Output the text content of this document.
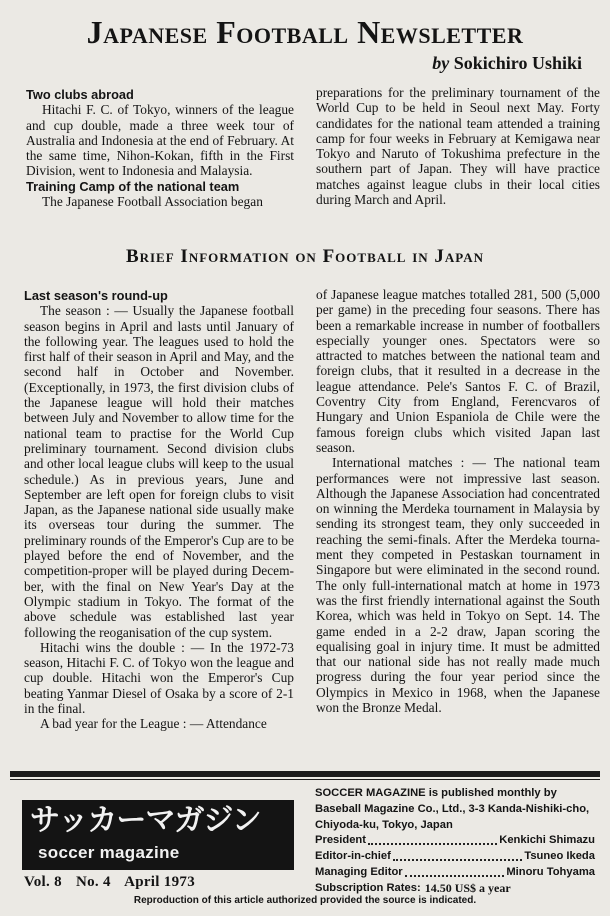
Japanese Football Newsletter
by Sokichiro Ushiki
Two clubs abroad

Hitachi F. C. of Tokyo, winners of the league and cup double, made a three week tour of Australia and Indonesia at the end of February. At the same time, Nihon-Kokan, fifth in the First Division, went to Indonesia and Malaysia.

Training Camp of the national team

The Japanese Football Association began

preparations for the preliminary tournament of the World Cup to be held in Seoul next May. Forty candidates for the national team attended a training camp for four weeks in February at Kemigawa near Tokyo and Naruto of Tokushima prefecture in the southern part of Japan. They will have practice matches against league clubs in their local cities during March and April.

Brief Information on Football in Japan
Last season's round-up

The season : — Usually the Japanese football season begins in April and lasts until January of the following year. The leagues used to hold the first half of their season in April and May, and the second half in October and November. (Exceptionally, in 1973, the first division clubs of the Japanese league will hold their matches between July and November to allow time for the national team to practise for the World Cup preliminary tournament. Second division clubs and other local league clubs will keep to the usual schedule.) As in previous years, June and September are left open for foreign clubs to visit Japan, as the Japanese national side usually make its overseas tour during the summer. The preliminary rounds of the Emperor's Cup are to be played before the end of November, and the competition-proper will be played during December, with the final on New Year's Day at the Olympic stadium in Tokyo. The format of the above schedule was established last year following the reoganisation of the cup system.

Hitachi wins the double : — In the 1972-73 season, Hitachi F. C. of Tokyo won the league and cup double. Hitachi won the Emperor's Cup beating Yanmar Diesel of Osaka by a score of 2-1 in the final.

A bad year for the League : — Attendance

of Japanese league matches totalled 281, 500 (5,000 per game) in the preceding four seasons. There has been a remarkable increase in number of footballers especially younger ones. Spectators were so attracted to matches between the national team and foreign clubs, that it resulted in a decrease in the league attendance. Pele's Santos F. C. of Brazil, Coventry City from England, Ferencvaros of Hungary and Union Espaniola de Chile were the famous foreign clubs which visited Japan last season.

International matches : — The national team performances were not impressive last season. Although the Japanese Association had concentrated on winning the Merdeka tournament in Malaysia by sending its strongest team, they only succeeded in reaching the semi-finals. After the Merdeka tournament they competed in Pestaskan tournament in Singapore but were eliminated in the second round. The only full-international match at home in 1973 was the first friendly international against the South Korea, which was held in Tokyo on Sept. 14. The game ended in a 2-2 draw, Japan scoring the equalising goal in injury time. It must be admitted that our national side has not really made much progress during the four year period since the Olympics in Mexico in 1968, when the Japanese won the Bronze Medal.

サッカーマガジン
soccer magazine
Vol. 8 No. 4 April 1973
SOCCER MAGAZINE is published monthly by Baseball Magazine Co., Ltd., 3-3 Kanda-Nishiki-cho, Chiyoda-ku, Tokyo, Japan
President	Kenkichi Shimazu
Editor-in-chief	Tsuneo Ikeda
Managing Editor	Minoru Tohyama
Subscription Rates: 14.50 US$ a year
Reproduction of this article authorized provided the source is indicated.
